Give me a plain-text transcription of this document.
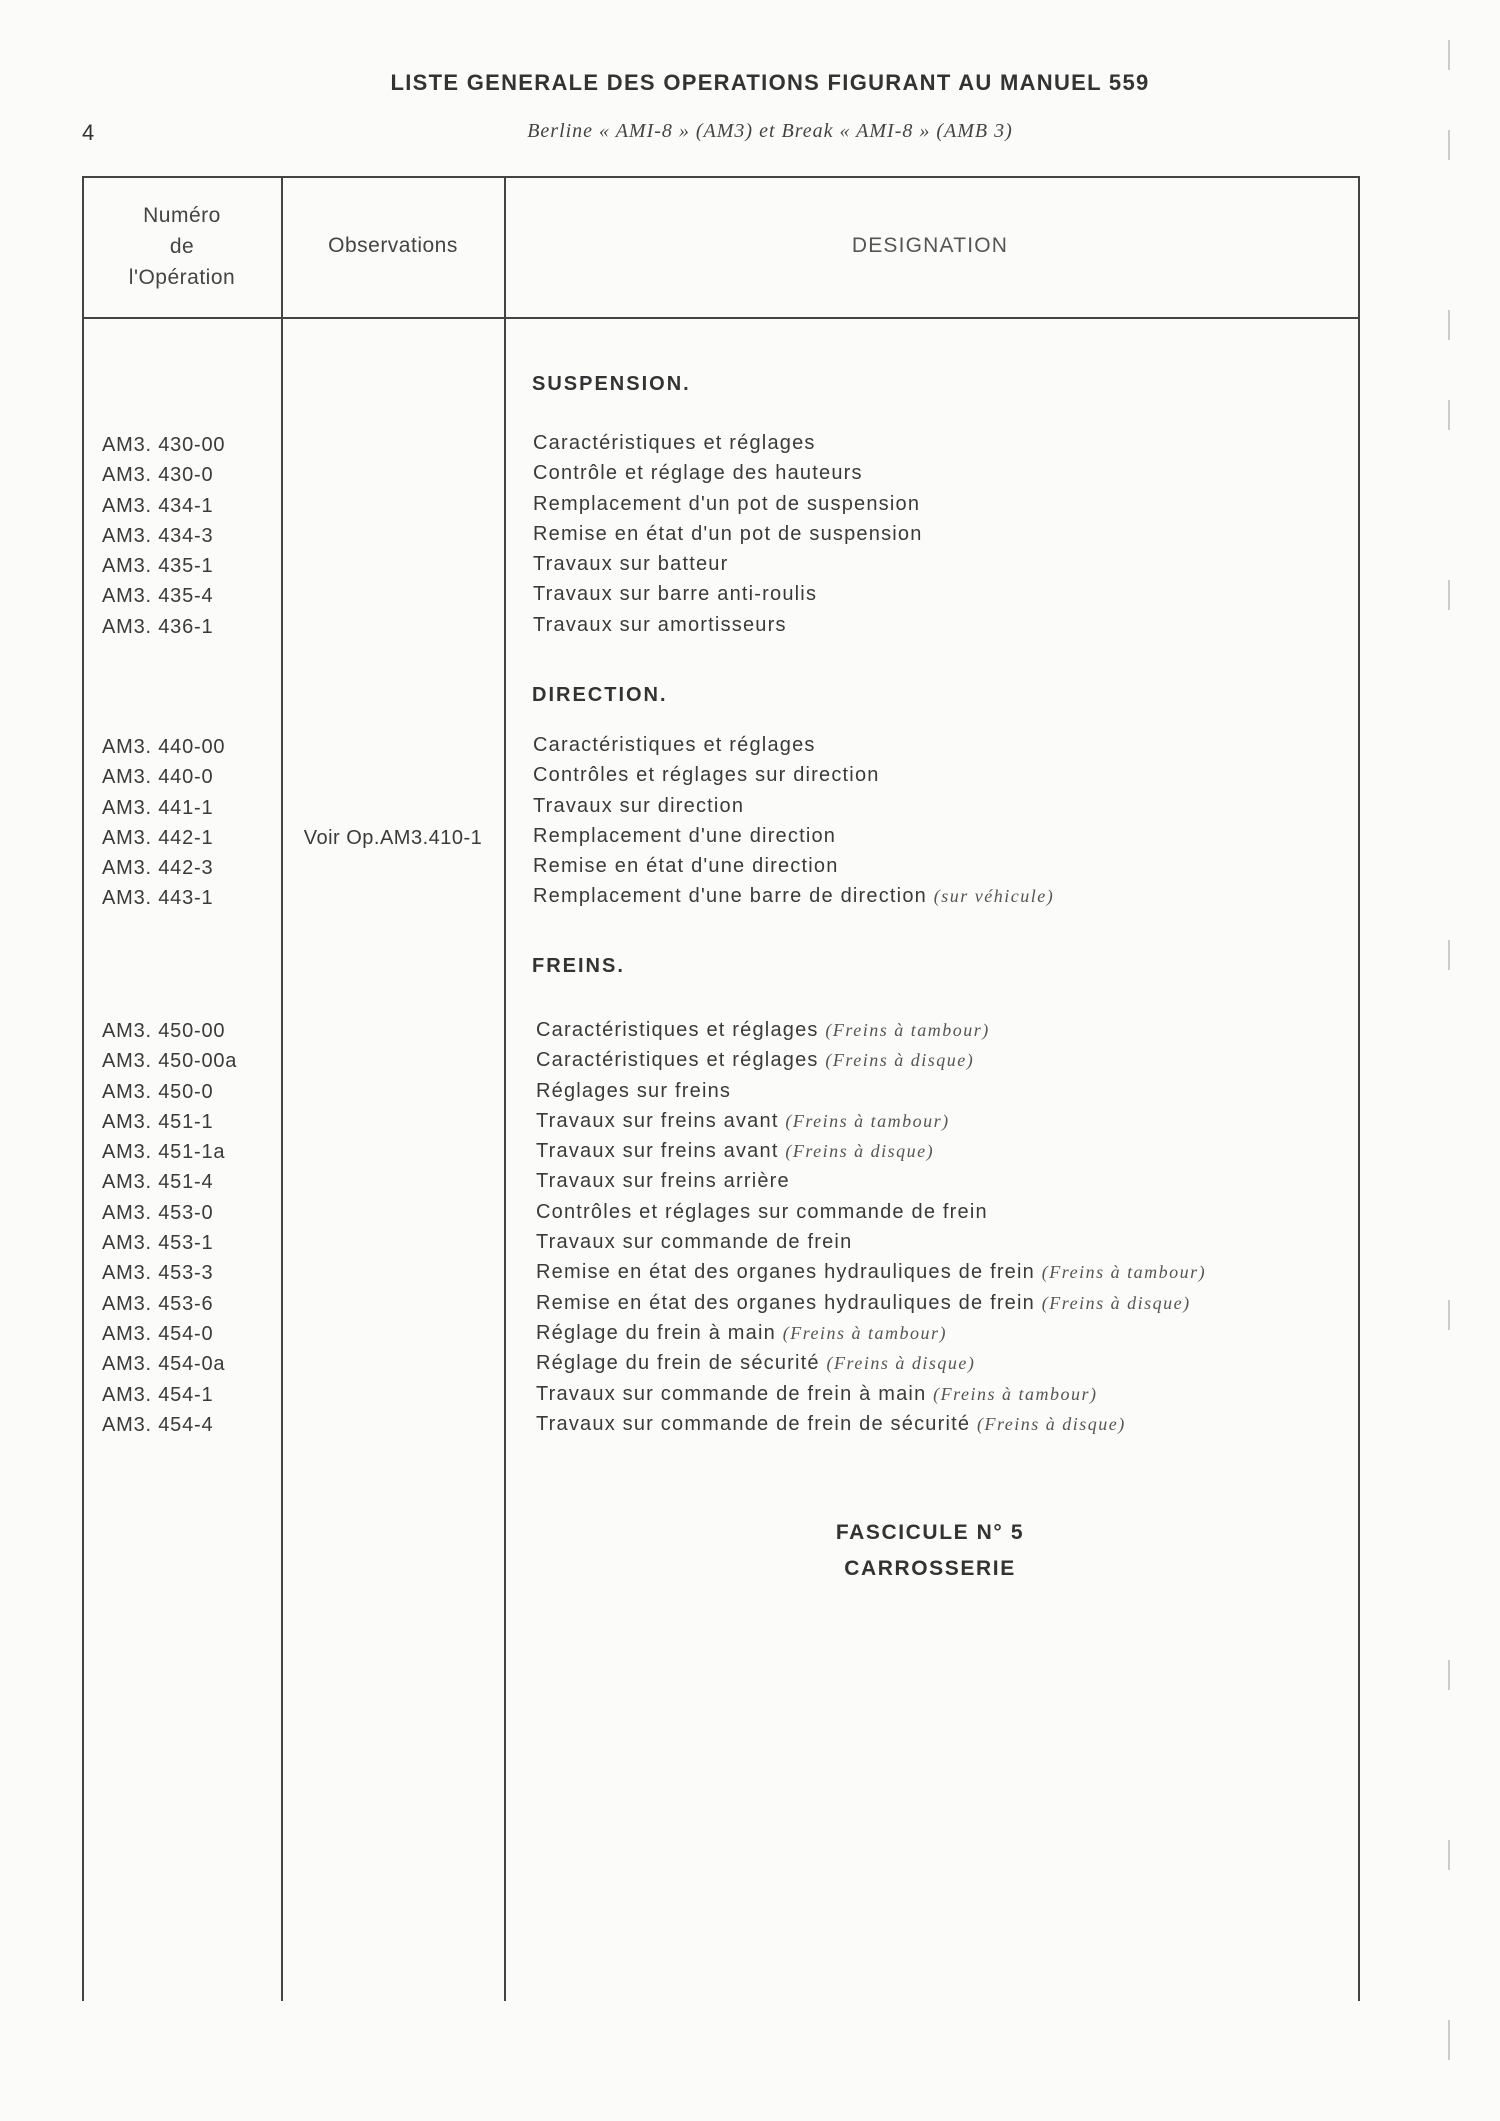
LISTE GENERALE DES OPERATIONS FIGURANT AU MANUEL 559
4	Berline « AMI-8 » (AM3) et Break « AMI-8 » (AMB 3)
Numéro
de
l'Opération
Observations	DESIGNATION
SUSPENSION.
AM3. 430-00
AM3. 430-0
AM3. 434-1
AM3. 434-3
AM3. 435-1
AM3. 435-4
AM3. 436-1
Caractéristiques et réglages
Contrôle et réglage des hauteurs
Remplacement d'un pot de suspension
Remise en état d'un pot de suspension
Travaux sur batteur
Travaux sur barre anti-roulis
Travaux sur amortisseurs
DIRECTION.
AM3. 440-00
AM3. 440-0
AM3. 441-1
AM3. 442-1
AM3. 442-3
AM3. 443-1
Voir Op.AM3.410-1
Caractéristiques et réglages
Contrôles et réglages sur direction
Travaux sur direction
Remplacement d'une direction
Remise en état d'une direction
Remplacement d'une barre de direction (sur véhicule)
FREINS.
AM3. 450-00
AM3. 450-00a
AM3. 450-0
AM3. 451-1
AM3. 451-1a
AM3. 451-4
AM3. 453-0
AM3. 453-1
AM3. 453-3
AM3. 453-6
AM3. 454-0
AM3. 454-0a
AM3. 454-1
AM3. 454-4
Caractéristiques et réglages (Freins à tambour)
Caractéristiques et réglages (Freins à disque)
Réglages sur freins
Travaux sur freins avant (Freins à tambour)
Travaux sur freins avant (Freins à disque)
Travaux sur freins arrière
Contrôles et réglages sur commande de frein
Travaux sur commande de frein
Remise en état des organes hydrauliques de frein (Freins à tambour)
Remise en état des organes hydrauliques de frein (Freins à disque)
Réglage du frein à main (Freins à tambour)
Réglage du frein de sécurité (Freins à disque)
Travaux sur commande de frein à main (Freins à tambour)
Travaux sur commande de frein de sécurité (Freins à disque)
FASCICULE N° 5
CARROSSERIE
